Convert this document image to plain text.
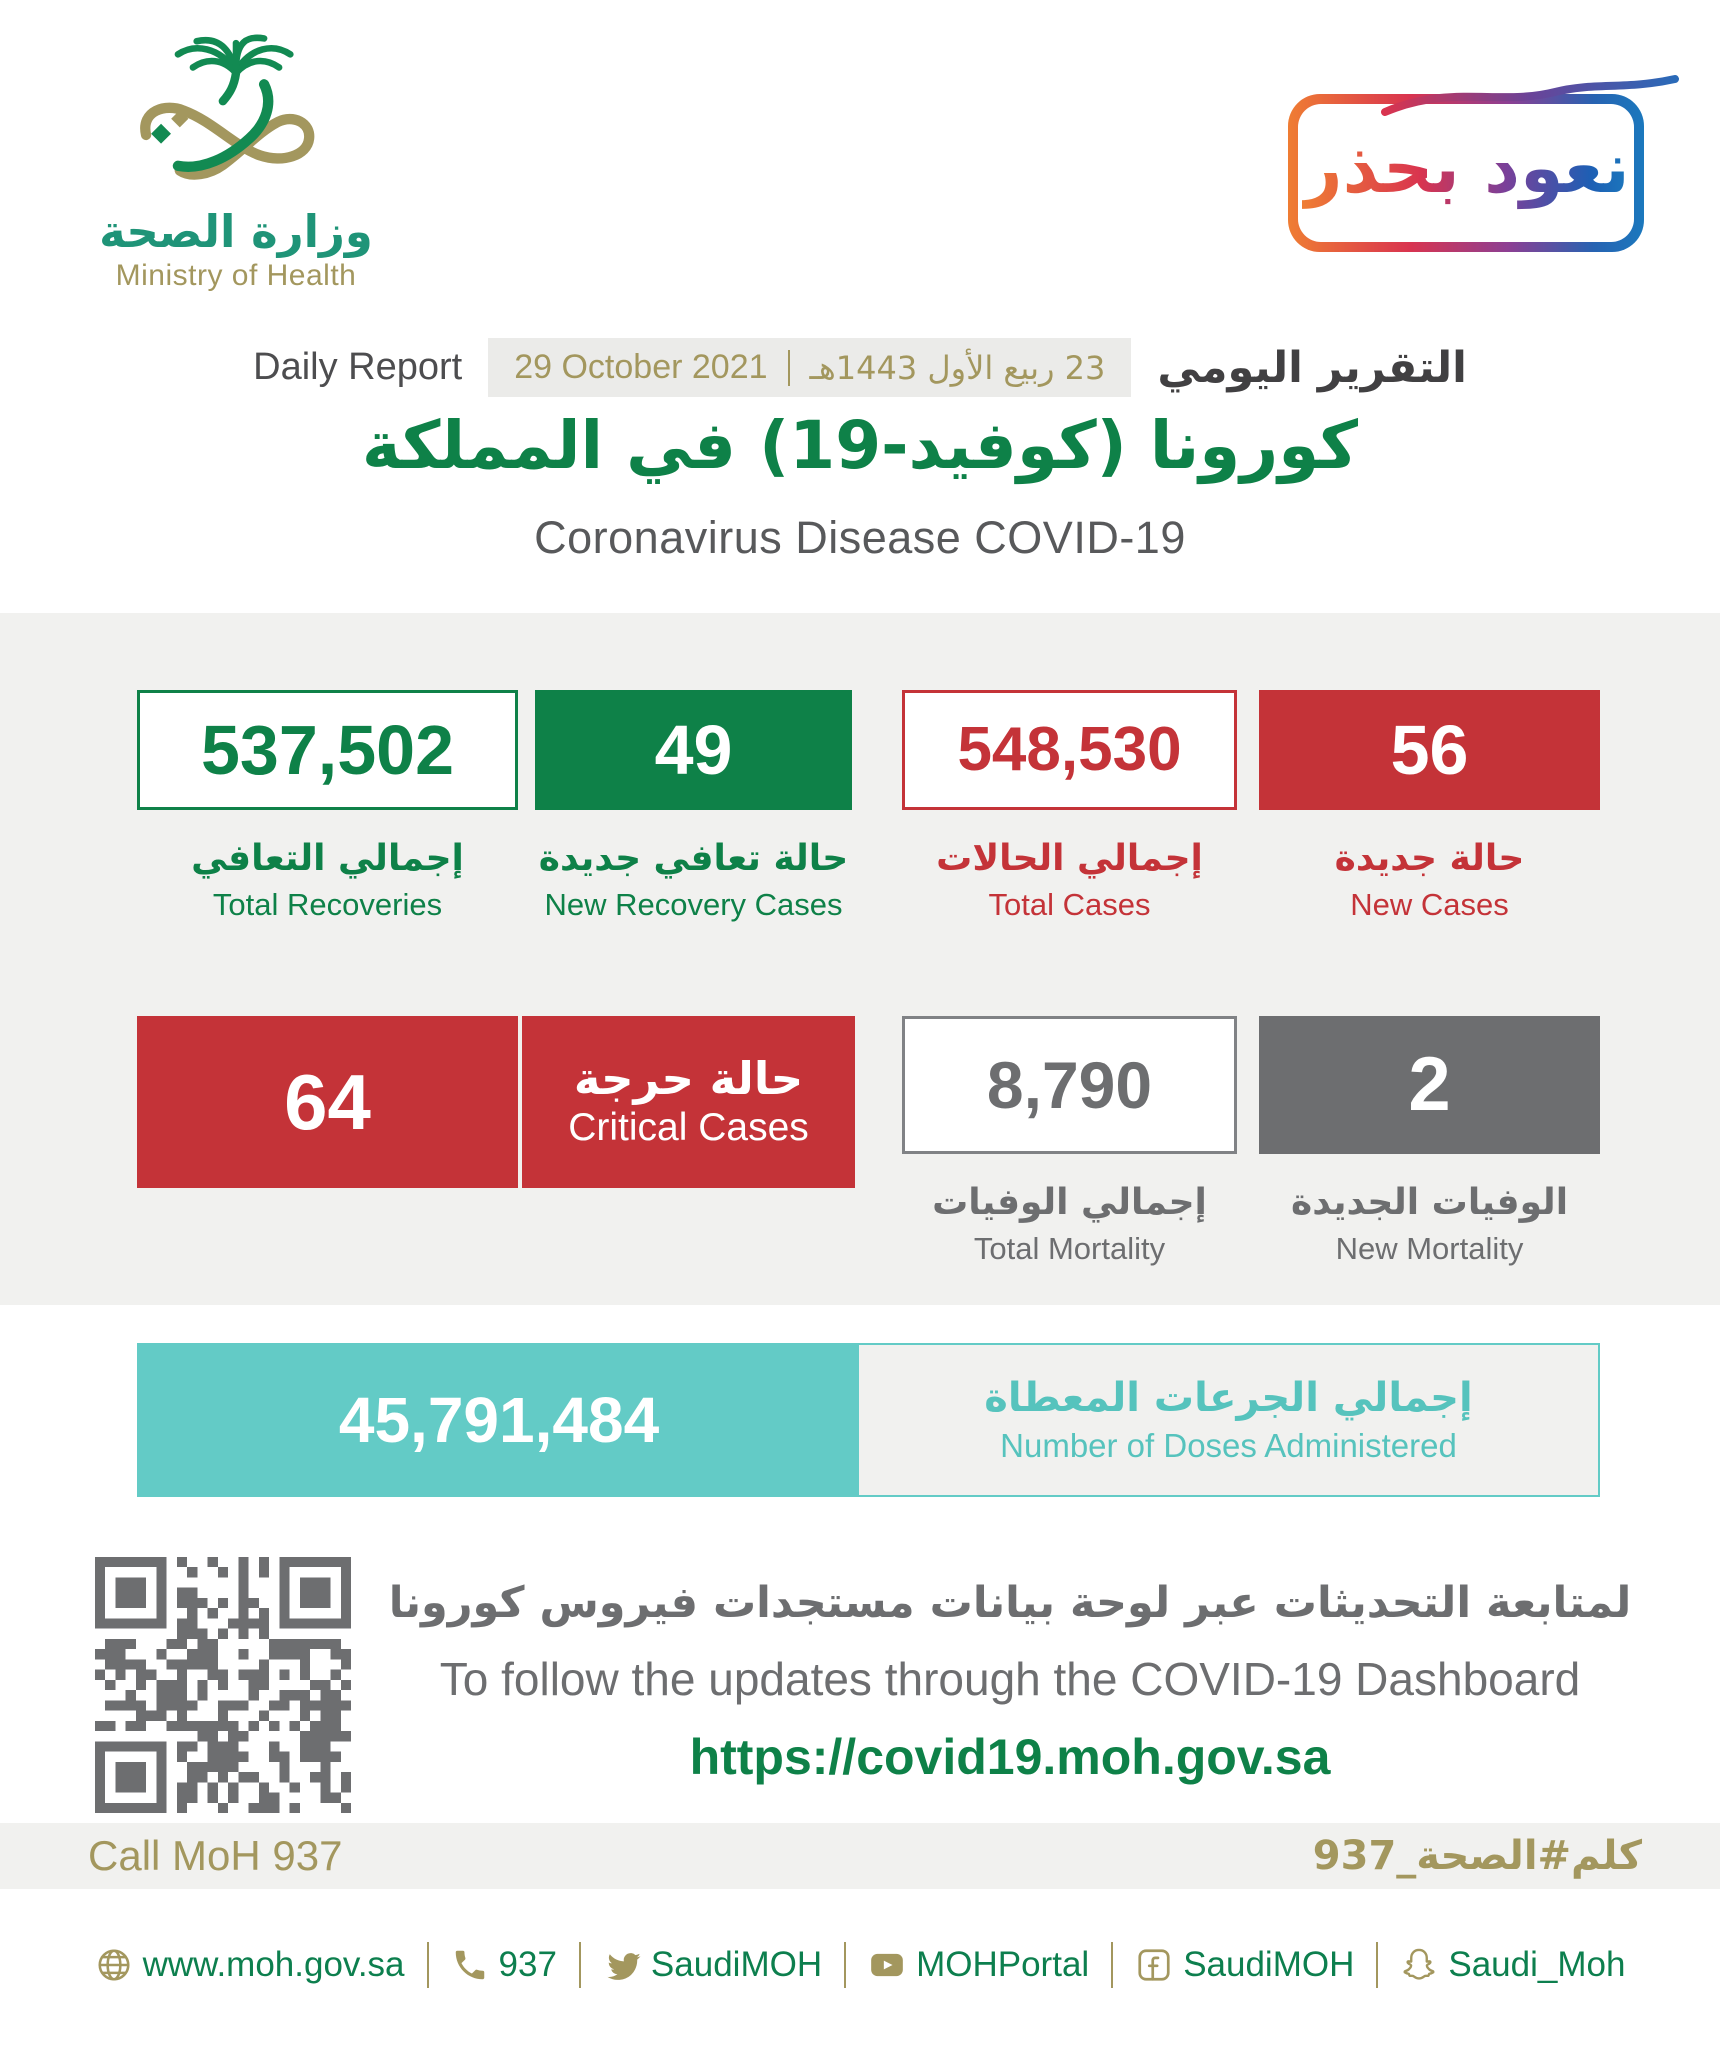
وزارة الصحة
Ministry of Health
نعود بحذر
Daily Report 29 October 2021 23 ربيع الأول 1443هـ التقرير اليومي
كورونا (كوفيد-19) في المملكة
Coronavirus Disease COVID-19
537,502	49	548,530	56
إجمالي التعافي
Total Recoveries
حالة تعافي جديدة
New Recovery Cases
إجمالي الحالات
Total Cases
حالة جديدة
New Cases
64	حالة حرجة
Critical Cases
8,790	2
إجمالي الوفيات
Total Mortality
الوفيات الجديدة
New Mortality
45,791,484	إجمالي الجرعات المعطاة
Number of Doses Administered
لمتابعة التحديثات عبر لوحة بيانات مستجدات فيروس كورونا
To follow the updates through the COVID-19 Dashboard
https://covid19.moh.gov.sa
Call MoH 937	كلم#الصحة_937
www.moh.gov.sa	937	SaudiMOH	MOHPortal	SaudiMOH	Saudi_Moh
